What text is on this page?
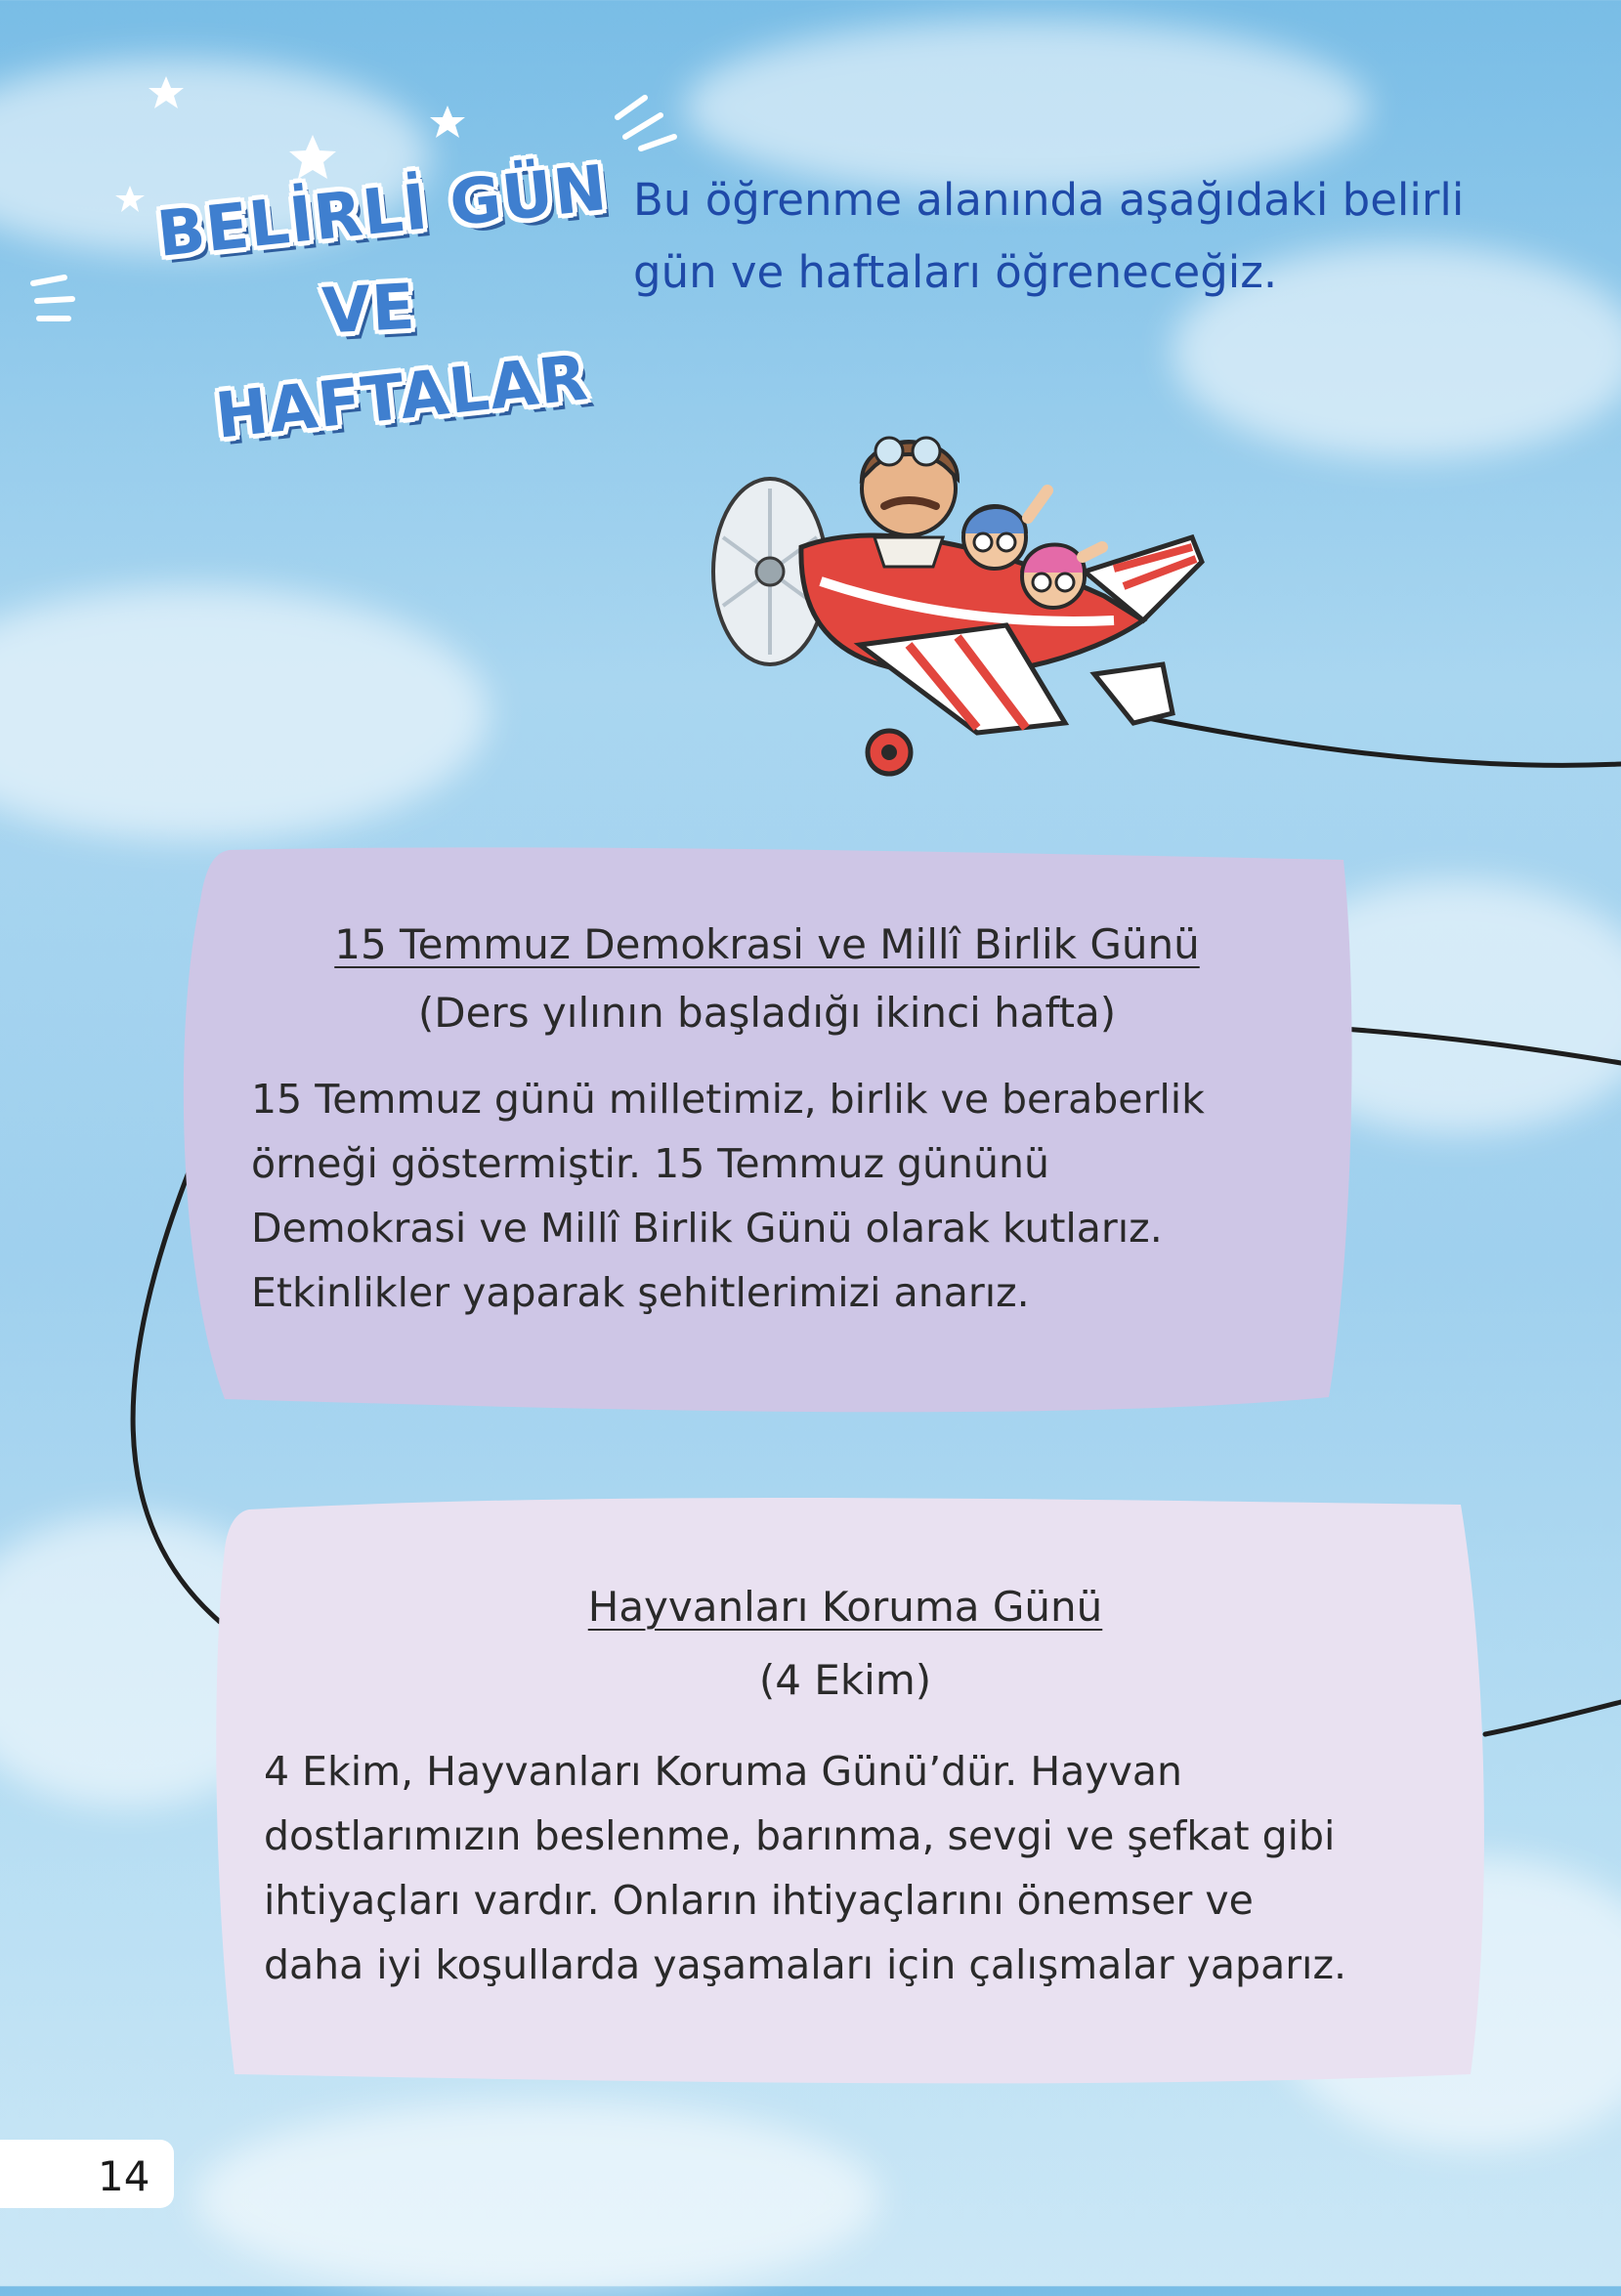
BELİRLİ GÜN
VE
HAFTALAR
Bu öğrenme alanında aşağıdaki belirli
gün ve haftaları öğreneceğiz.
15 Temmuz Demokrasi ve Millî Birlik Günü
(Ders yılının başladığı ikinci hafta)
15 Temmuz günü milletimiz, birlik ve beraberlik
örneği göstermiştir. 15 Temmuz gününü
Demokrasi ve Millî Birlik Günü olarak kutlarız.
Etkinlikler yaparak şehitlerimizi anarız.
Hayvanları Koruma Günü
(4 Ekim)
4 Ekim, Hayvanları Koruma Günü’dür. Hayvan
dostlarımızın beslenme, barınma, sevgi ve şefkat gibi
ihtiyaçları vardır. Onların ihtiyaçlarını önemser ve
daha iyi koşullarda yaşamaları için çalışmalar yaparız.
14
